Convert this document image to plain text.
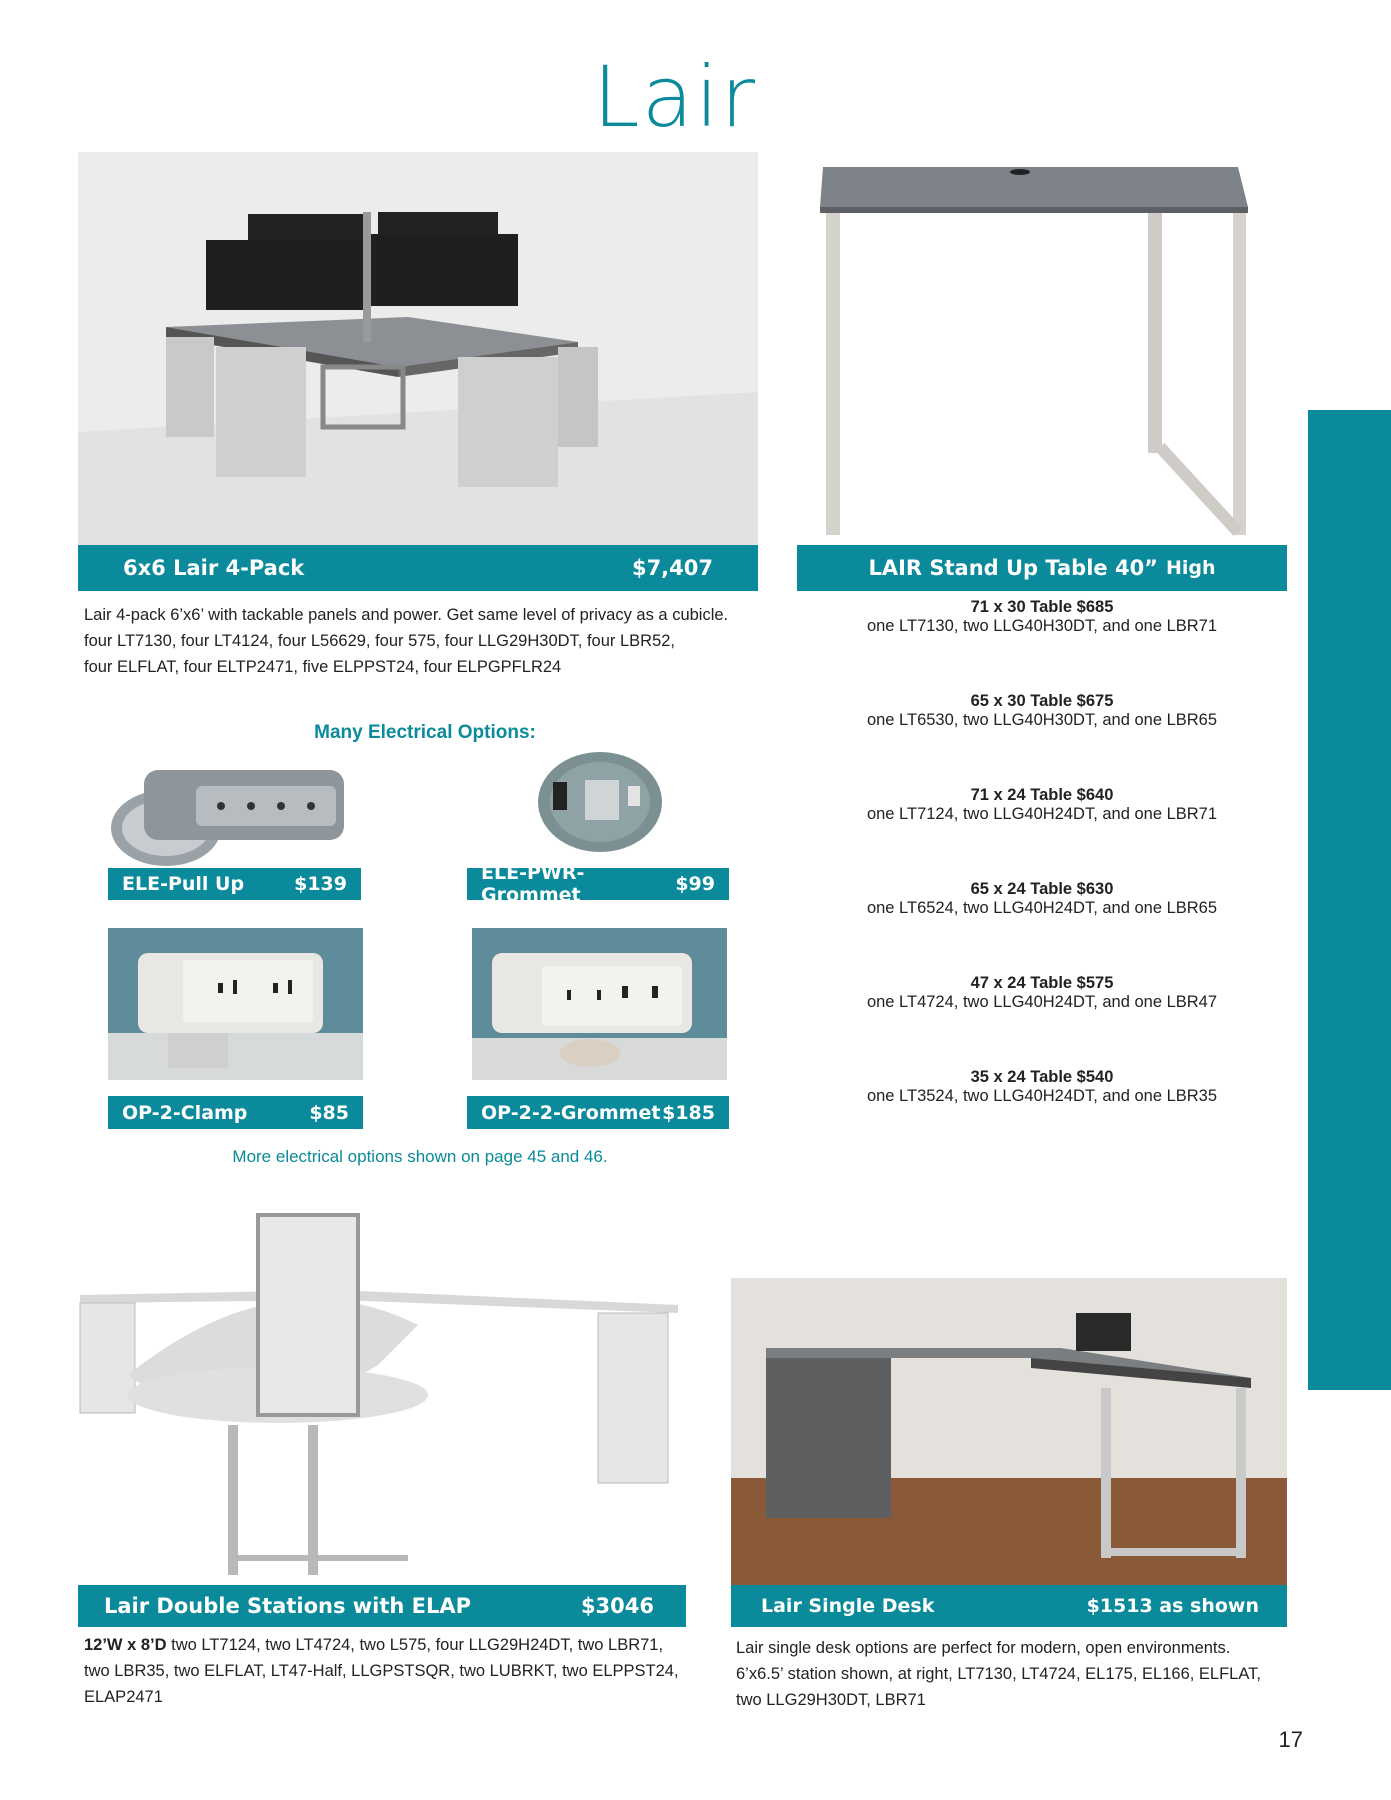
Lair
6x6 Lair 4-Pack	$7,407	LAIR Stand Up Table 40” High
Lair 4-pack 6’x6’ with tackable panels and power. Get same level of privacy as a cubicle.
four LT7130, four LT4124, four L56629, four 575, four LLG29H30DT, four LBR52,
four ELFLAT, four ELTP2471, five ELPPST24, four ELPGPFLR24
71 x 30 Table $685
one LT7130, two LLG40H30DT, and one LBR71
65 x 30 Table $675
one LT6530, two LLG40H30DT, and one LBR65
71 x 24 Table $640
one LT7124, two LLG40H24DT, and one LBR71
65 x 24 Table $630
one LT6524, two LLG40H24DT, and one LBR65
47 x 24 Table $575
one LT4724, two LLG40H24DT, and one LBR47
35 x 24 Table $540
one LT3524, two LLG40H24DT, and one LBR35
Many Electrical Options:
ELE-Pull Up	$139	ELE-PWR-Grommet	$99
OP-2-Clamp	$85	OP-2-2-Grommet $185
More electrical options shown on page 45 and 46.
Lair Double Stations with ELAP	$3046	Lair Single Desk	$1513 as shown
12’W x 8’D two LT7124, two LT4724, two L575, four LLG29H24DT, two LBR71,
two LBR35, two ELFLAT, LT47-Half, LLGPSTSQR, two LUBRKT, two ELPPST24,
ELAP2471
Lair single desk options are perfect for modern, open environments.
6’x6.5’ station shown, at right, LT7130, LT4724, EL175, EL166, ELFLAT,
two LLG29H30DT, LBR71
17
